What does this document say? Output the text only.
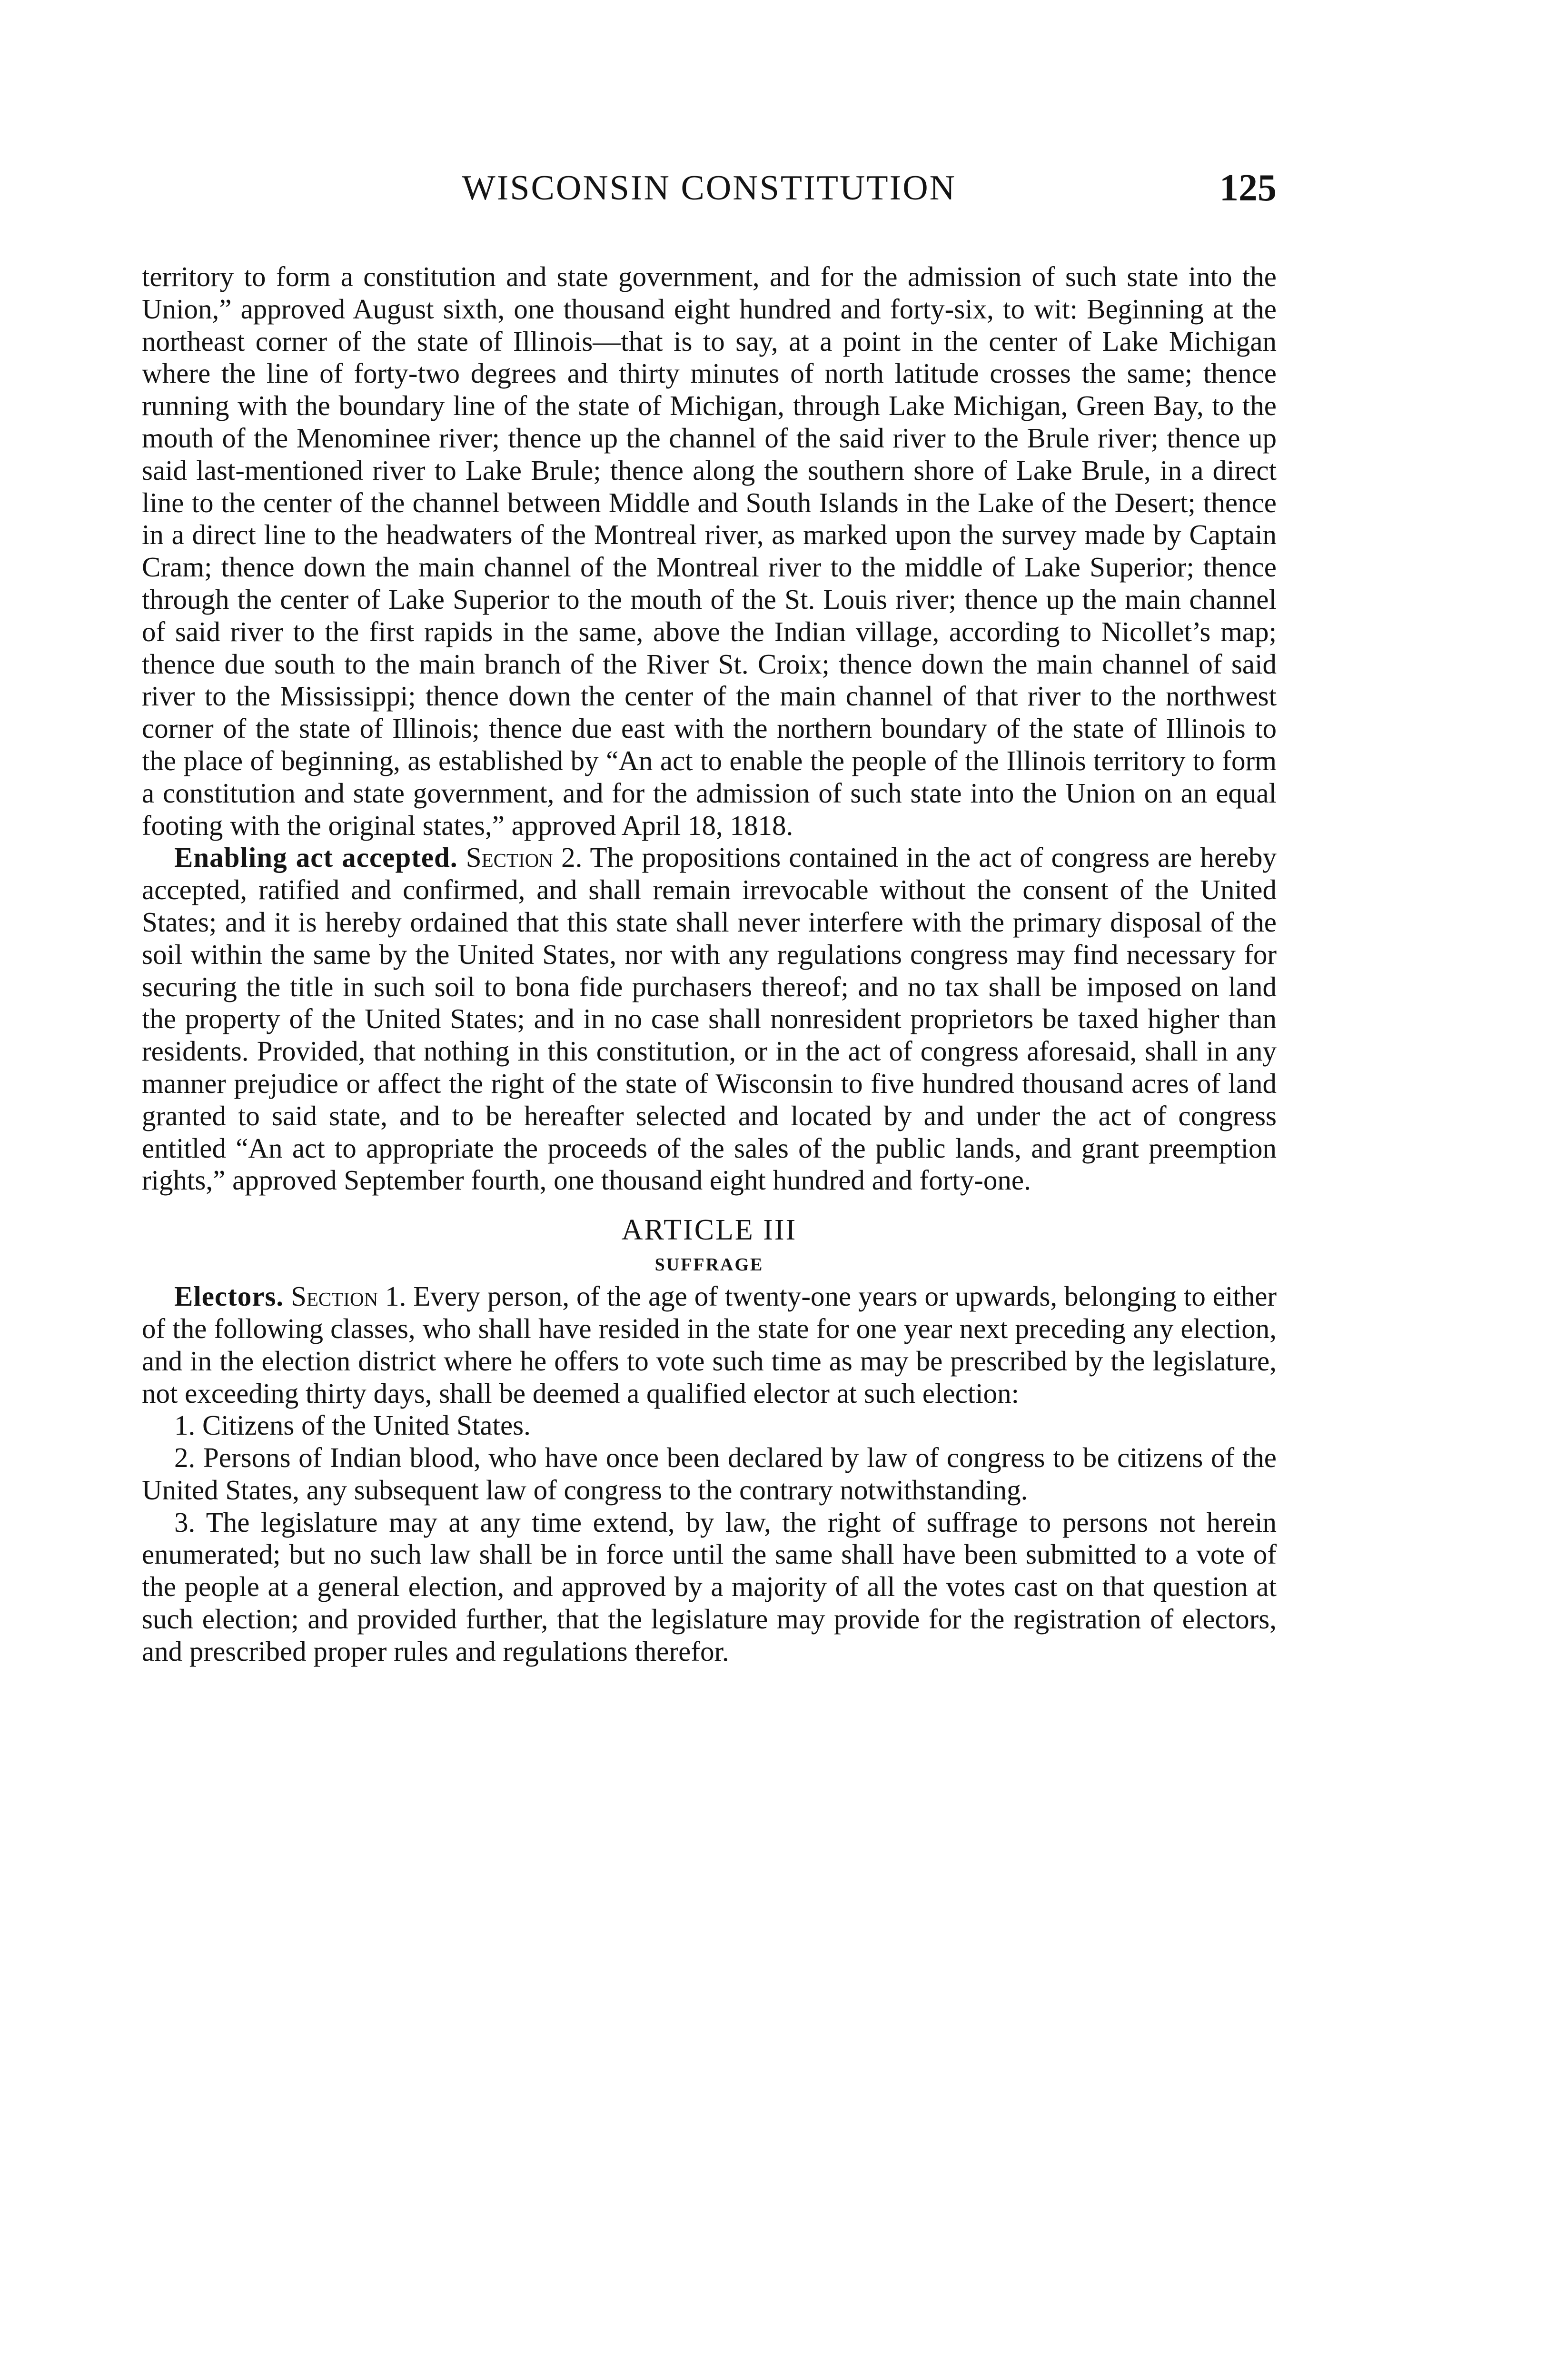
WISCONSIN CONSTITUTION	125

territory to form a constitution and state government, and for the admission of such state into the Union,” approved August sixth, one thousand eight hundred and forty-six, to wit: Beginning at the northeast corner of the state of Illinois—that is to say, at a point in the center of Lake Michigan where the line of forty-two degrees and thirty minutes of north latitude crosses the same; thence running with the boundary line of the state of Michigan, through Lake Michigan, Green Bay, to the mouth of the Menominee river; thence up the channel of the said river to the Brule river; thence up said last-mentioned river to Lake Brule; thence along the southern shore of Lake Brule, in a direct line to the center of the channel between Middle and South Islands in the Lake of the Desert; thence in a direct line to the headwaters of the Montreal river, as marked upon the survey made by Captain Cram; thence down the main channel of the Montreal river to the middle of Lake Superior; thence through the center of Lake Superior to the mouth of the St. Louis river; thence up the main channel of said river to the first rapids in the same, above the Indian village, according to Nicollet’s map; thence due south to the main branch of the River St. Croix; thence down the main channel of said river to the Mississippi; thence down the center of the main channel of that river to the northwest corner of the state of Illinois; thence due east with the northern boundary of the state of Illinois to the place of beginning, as established by “An act to enable the people of the Illinois territory to form a constitution and state government, and for the admission of such state into the Union on an equal footing with the original states,” approved April 18, 1818.

Enabling act accepted. Section 2. The propositions contained in the act of congress are hereby accepted, ratified and confirmed, and shall remain irrevocable without the consent of the United States; and it is hereby ordained that this state shall never interfere with the primary disposal of the soil within the same by the United States, nor with any regulations congress may find necessary for securing the title in such soil to bona fide purchasers thereof; and no tax shall be imposed on land the property of the United States; and in no case shall nonresident proprietors be taxed higher than residents. Provided, that nothing in this constitution, or in the act of congress aforesaid, shall in any manner prejudice or affect the right of the state of Wisconsin to five hundred thousand acres of land granted to said state, and to be hereafter selected and located by and under the act of congress entitled “An act to appropriate the proceeds of the sales of the public lands, and grant preemption rights,” approved September fourth, one thousand eight hundred and forty-one.

ARTICLE III
SUFFRAGE

Electors. Section 1. Every person, of the age of twenty-one years or upwards, belonging to either of the following classes, who shall have resided in the state for one year next preceding any election, and in the election district where he offers to vote such time as may be prescribed by the legislature, not exceeding thirty days, shall be deemed a qualified elector at such election:

1. Citizens of the United States.

2. Persons of Indian blood, who have once been declared by law of congress to be citizens of the United States, any subsequent law of congress to the contrary notwithstanding.

3. The legislature may at any time extend, by law, the right of suffrage to persons not herein enumerated; but no such law shall be in force until the same shall have been submitted to a vote of the people at a general election, and approved by a majority of all the votes cast on that question at such election; and provided further, that the legislature may provide for the registration of electors, and prescribed proper rules and regulations therefor.
